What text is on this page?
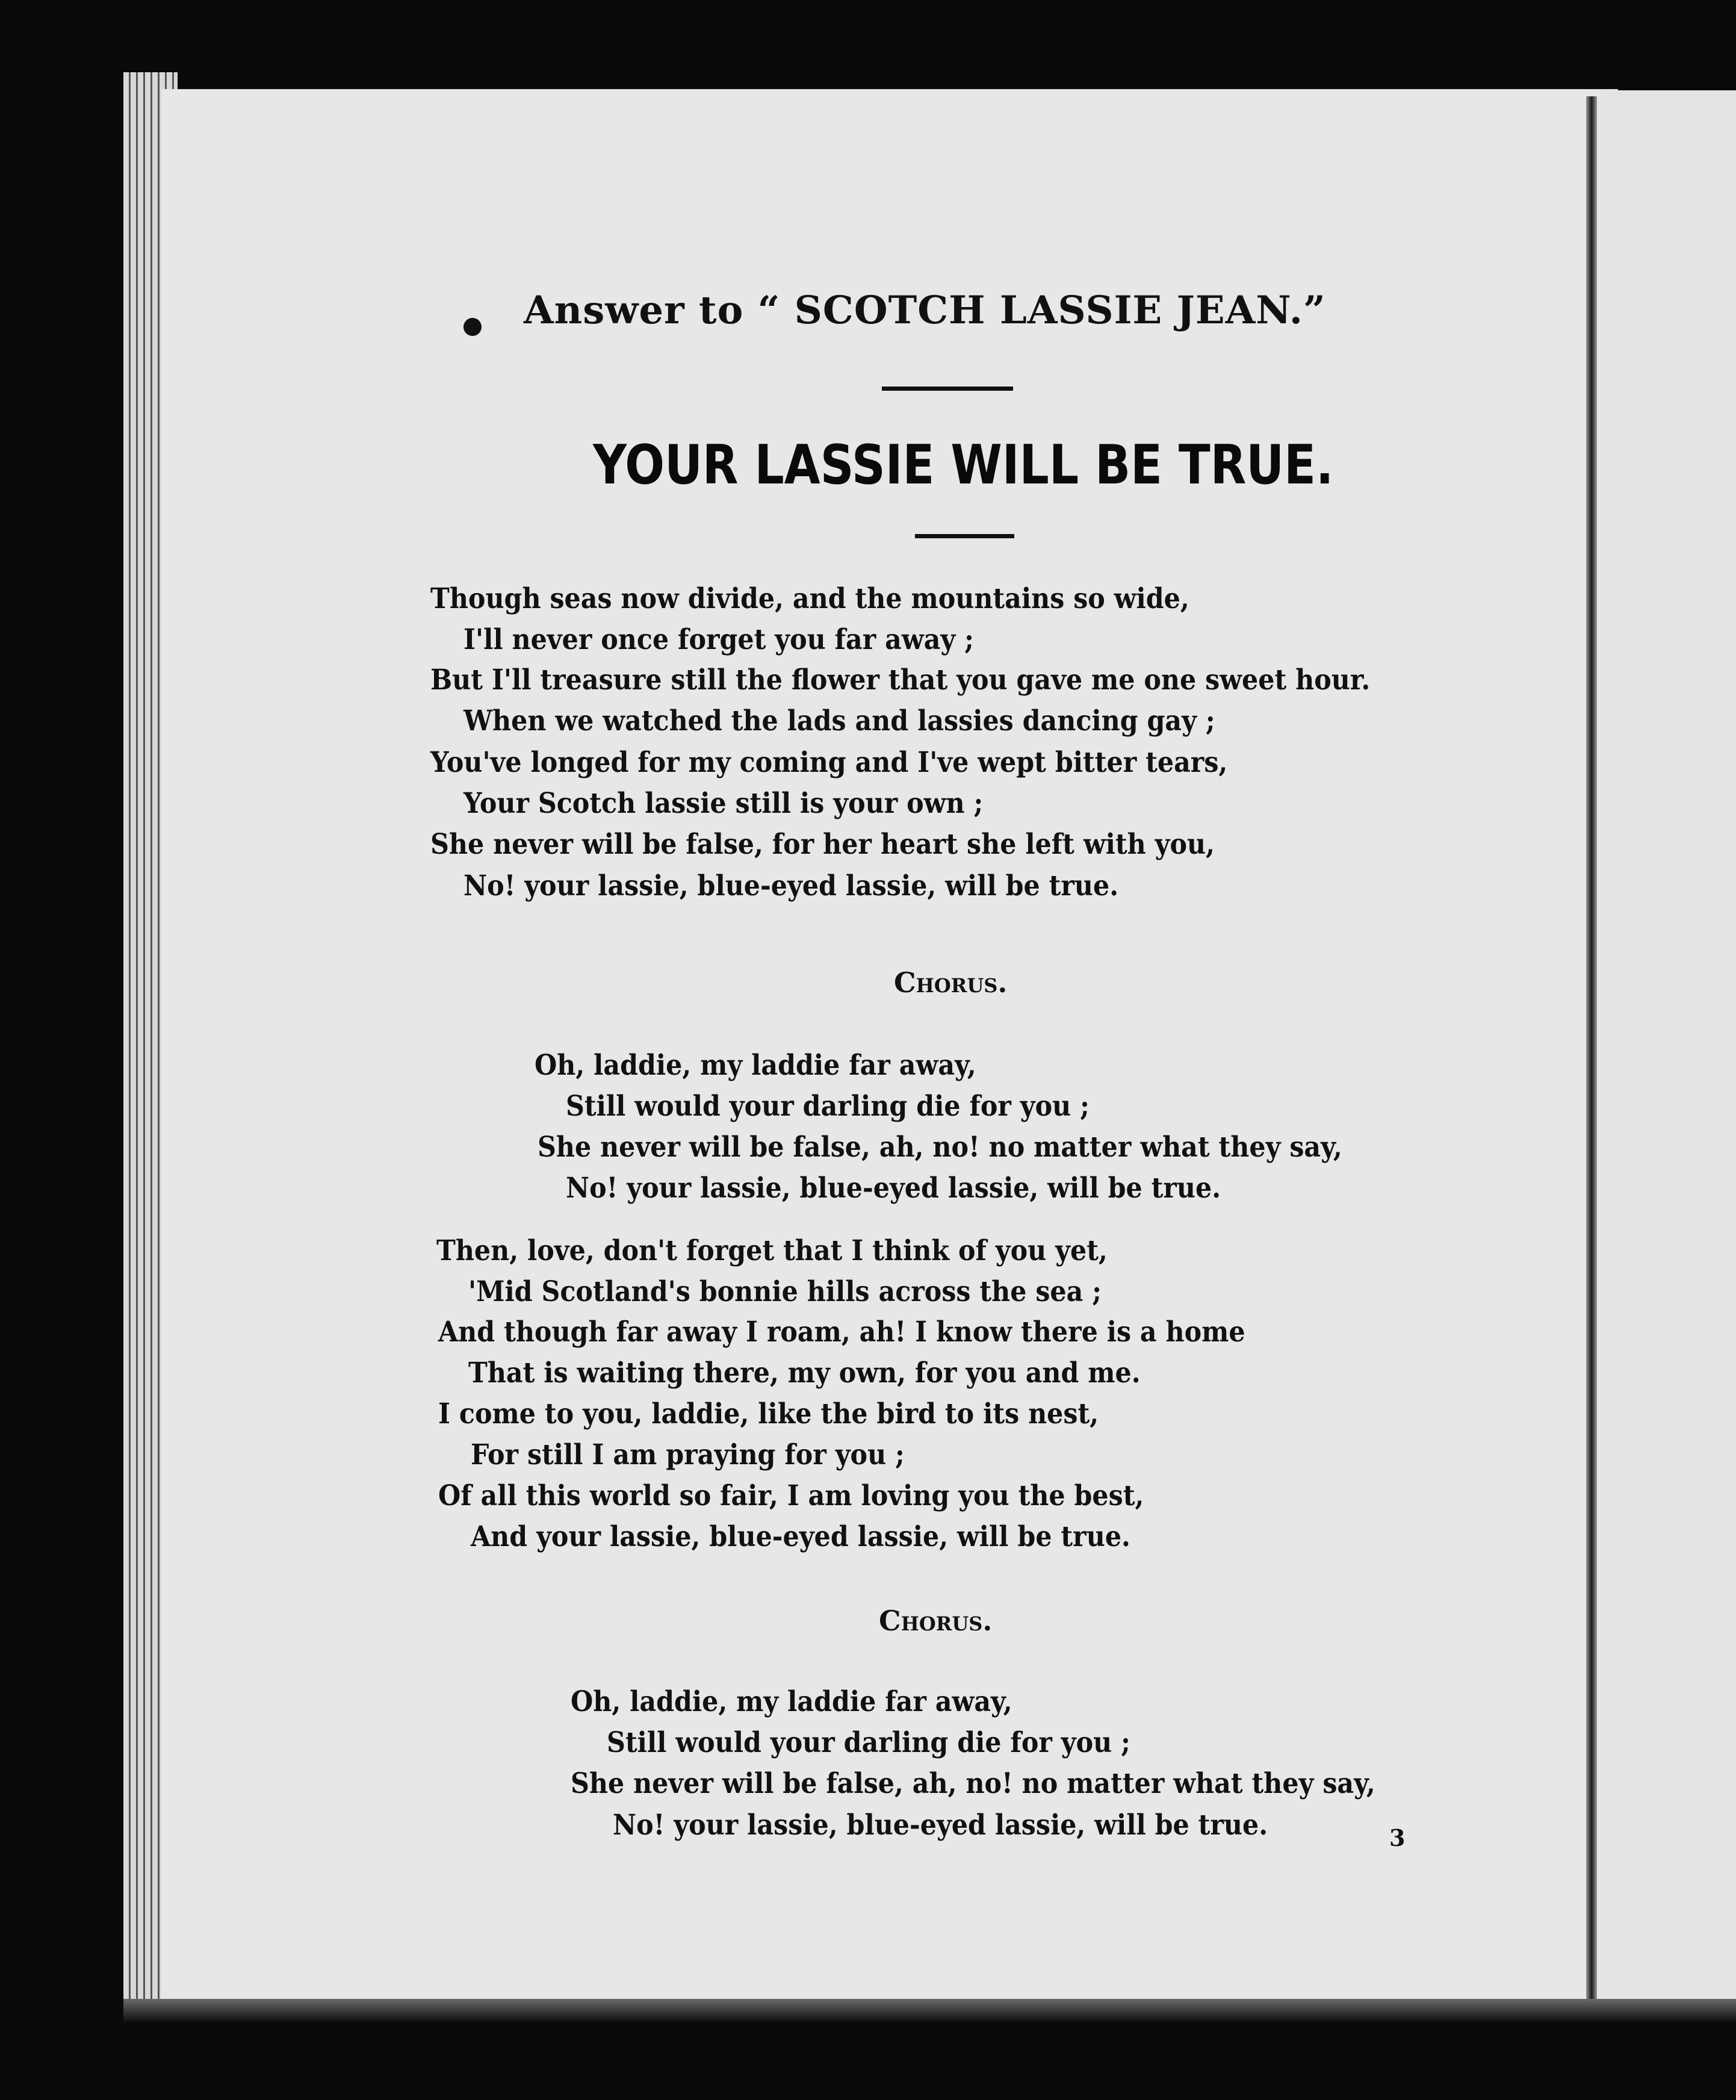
Answer to “ SCOTCH LASSIE JEAN.”
YOUR LASSIE WILL BE TRUE.
Though seas now divide, and the mountains so wide,
I'll never once forget you far away ;
But I'll treasure still the flower that you gave me one sweet hour.
When we watched the lads and lassies dancing gay ;
You've longed for my coming and I've wept bitter tears,
Your Scotch lassie still is your own ;
She never will be false, for her heart she left with you,
No! your lassie, blue-eyed lassie, will be true.
Chorus.
Oh, laddie, my laddie far away,
Still would your darling die for you ;
She never will be false, ah, no! no matter what they say,
No! your lassie, blue-eyed lassie, will be true.
Then, love, don't forget that I think of you yet,
'Mid Scotland's bonnie hills across the sea ;
And though far away I roam, ah! I know there is a home
That is waiting there, my own, for you and me.
I come to you, laddie, like the bird to its nest,
For still I am praying for you ;
Of all this world so fair, I am loving you the best,
And your lassie, blue-eyed lassie, will be true.
Chorus.
Oh, laddie, my laddie far away,
Still would your darling die for you ;
She never will be false, ah, no! no matter what they say,
No! your lassie, blue-eyed lassie, will be true.	3
